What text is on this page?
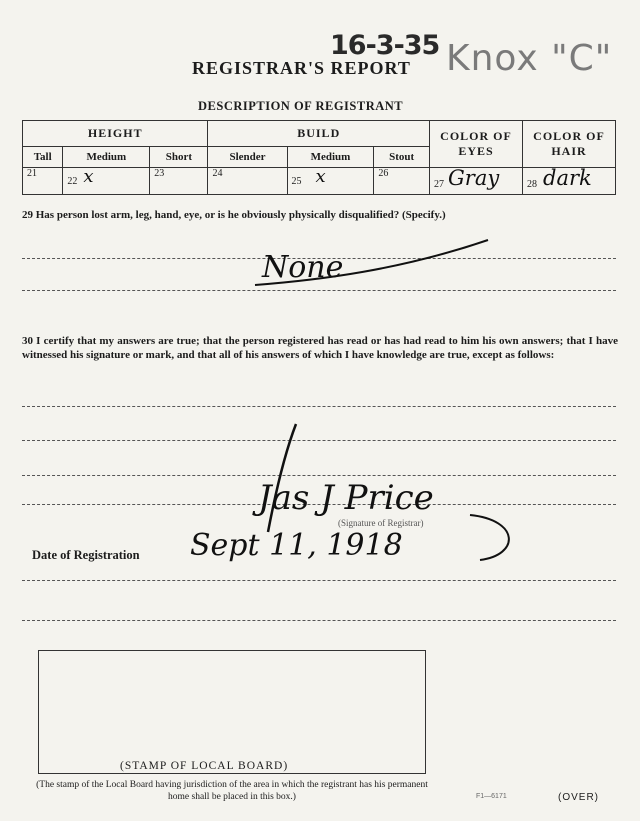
16-3-35 Knox "C"
REGISTRAR'S REPORT
DESCRIPTION OF REGISTRANT
HEIGHT			BUILD			COLOR OF EYES	COLOR OF HAIR
Tall	Medium	Short	Slender	Medium	Stout		
21	22 x	23	24	25 x	26	27 Gray	28 dark
29 Has person lost arm, leg, hand, eye, or is he obviously physically disqualified? (Specify.)
None
30 I certify that my answers are true; that the person registered has read or has had read to him his own answers; that I have witnessed his signature or mark, and that all of his answers of which I have knowledge are true, except as follows:
Jas J Price
(Signature of Registrar)
Date of Registration Sept 11, 1918
(STAMP OF LOCAL BOARD)
(The stamp of the Local Board having jurisdiction of the area in which the registrant has his permanent home shall be placed in this box.)	F1—6171	(OVER)
